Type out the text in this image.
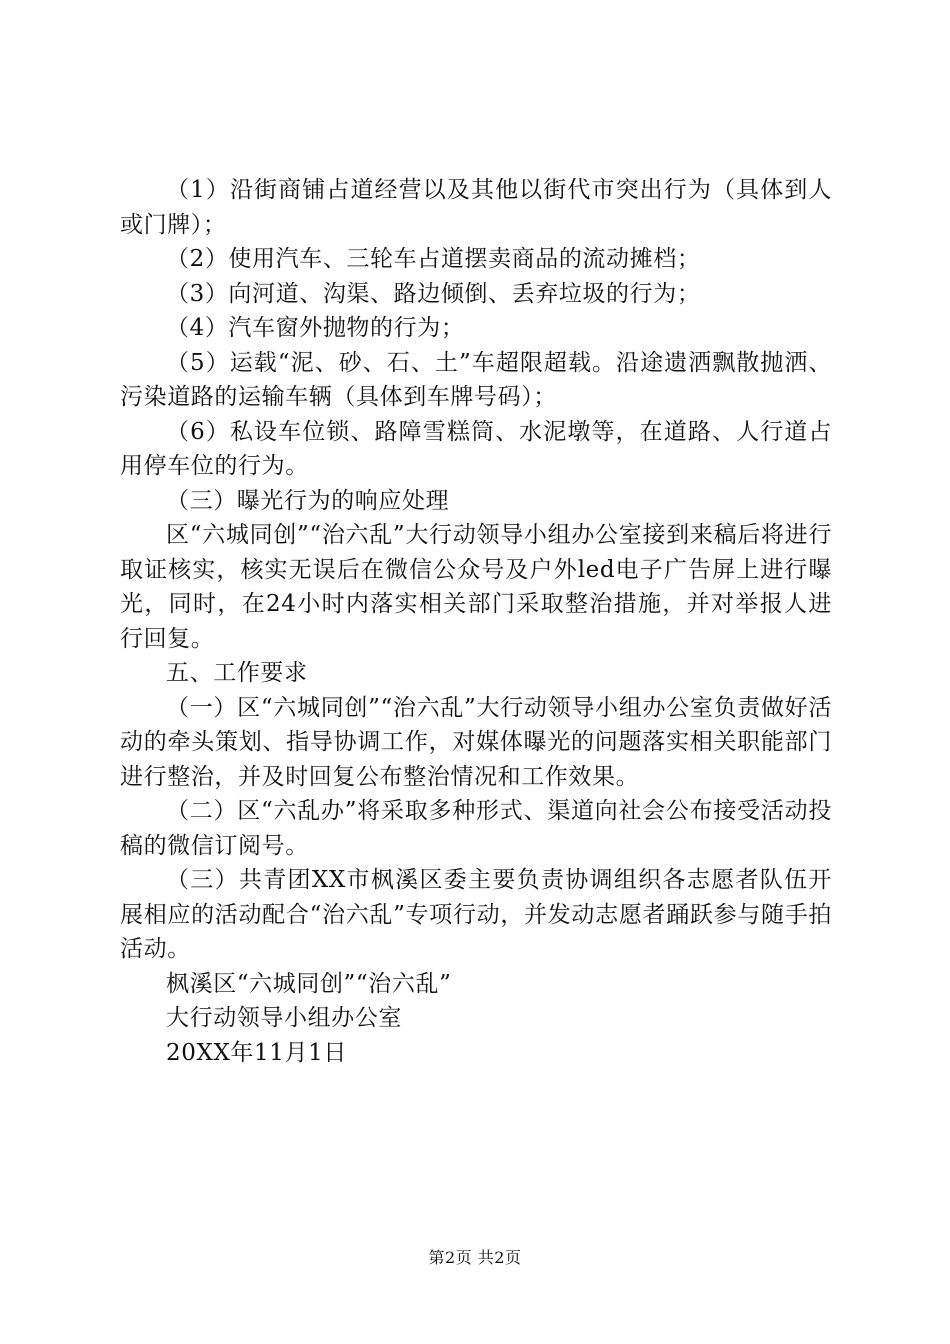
（1）沿街商铺占道经营以及其他以街代市突出行为（具体到人或门牌）；

（2）使用汽车、三轮车占道摆卖商品的流动摊档；

（3）向河道、沟渠、路边倾倒、丢弃垃圾的行为；

（4）汽车窗外抛物的行为；

（5）运载“泥、砂、石、土”车超限超载。沿途遗洒飘散抛洒、污染道路的运输车辆（具体到车牌号码）；

（6）私设车位锁、路障雪糕筒、水泥墩等，在道路、人行道占用停车位的行为。

（三）曝光行为的响应处理

区“六城同创”“治六乱”大行动领导小组办公室接到来稿后将进行取证核实，核实无误后在微信公众号及户外led电子广告屏上进行曝光，同时，在24小时内落实相关部门采取整治措施，并对举报人进行回复。

五、工作要求

（一）区“六城同创”“治六乱”大行动领导小组办公室负责做好活动的牵头策划、指导协调工作，对媒体曝光的问题落实相关职能部门进行整治，并及时回复公布整治情况和工作效果。

（二）区“六乱办”将采取多种形式、渠道向社会公布接受活动投稿的微信订阅号。

（三）共青团XX市枫溪区委主要负责协调组织各志愿者队伍开展相应的活动配合“治六乱”专项行动，并发动志愿者踊跃参与随手拍活动。

枫溪区“六城同创”“治六乱”

大行动领导小组办公室

20XX年11月1日

第2页 共2页
